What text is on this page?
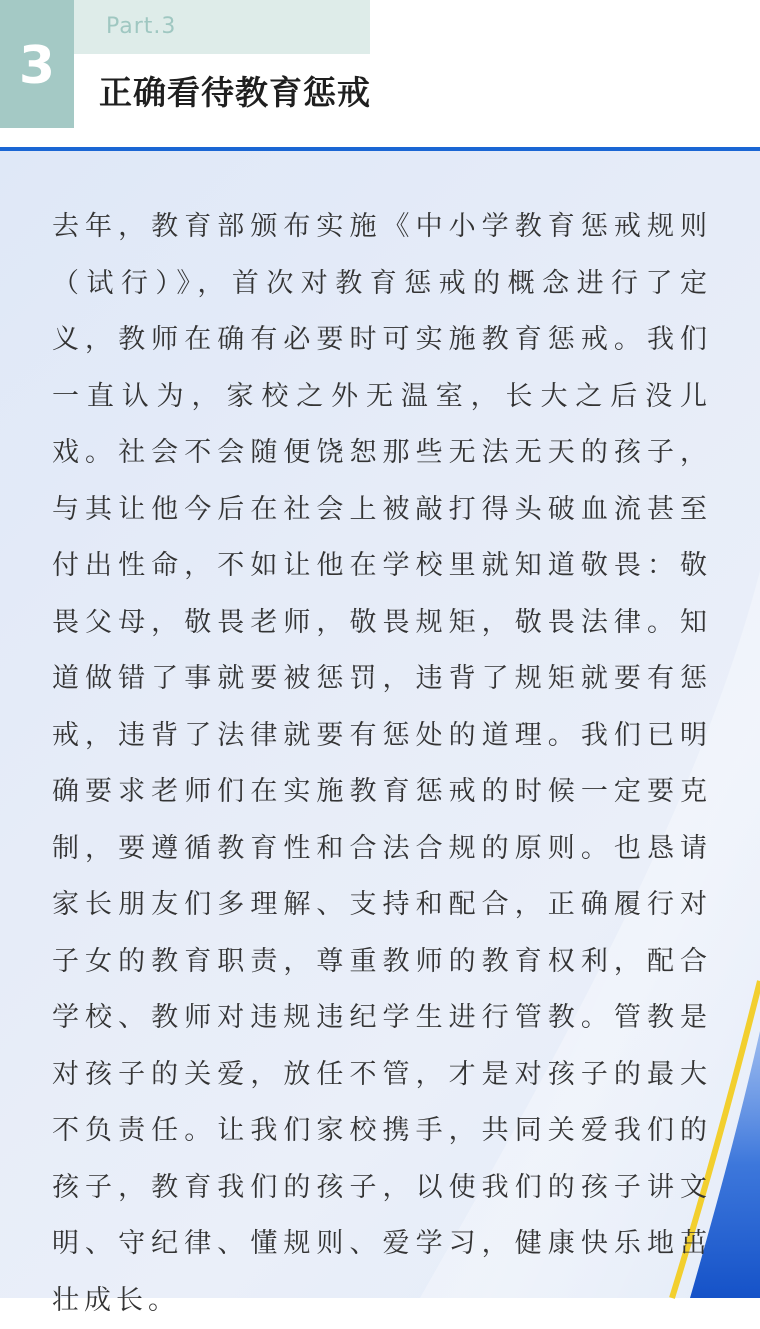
3
Part.3
正确看待教育惩戒

去年，教育部颁布实施《中小学教育惩戒规则（试行）》，首次对教育惩戒的概念进行了定义，教师在确有必要时可实施教育惩戒。我们一直认为，家校之外无温室，长大之后没儿戏。社会不会随便饶恕那些无法无天的孩子，与其让他今后在社会上被敲打得头破血流甚至付出性命，不如让他在学校里就知道敬畏：敬畏父母，敬畏老师，敬畏规矩，敬畏法律。知道做错了事就要被惩罚，违背了规矩就要有惩戒，违背了法律就要有惩处的道理。我们已明确要求老师们在实施教育惩戒的时候一定要克制，要遵循教育性和合法合规的原则。也恳请家长朋友们多理解、支持和配合，正确履行对子女的教育职责，尊重教师的教育权利，配合学校、教师对违规违纪学生进行管教。管教是对孩子的关爱，放任不管，才是对孩子的最大不负责任。让我们家校携手，共同关爱我们的孩子，教育我们的孩子，以使我们的孩子讲文明、守纪律、懂规则、爱学习，健康快乐地茁壮成长。
